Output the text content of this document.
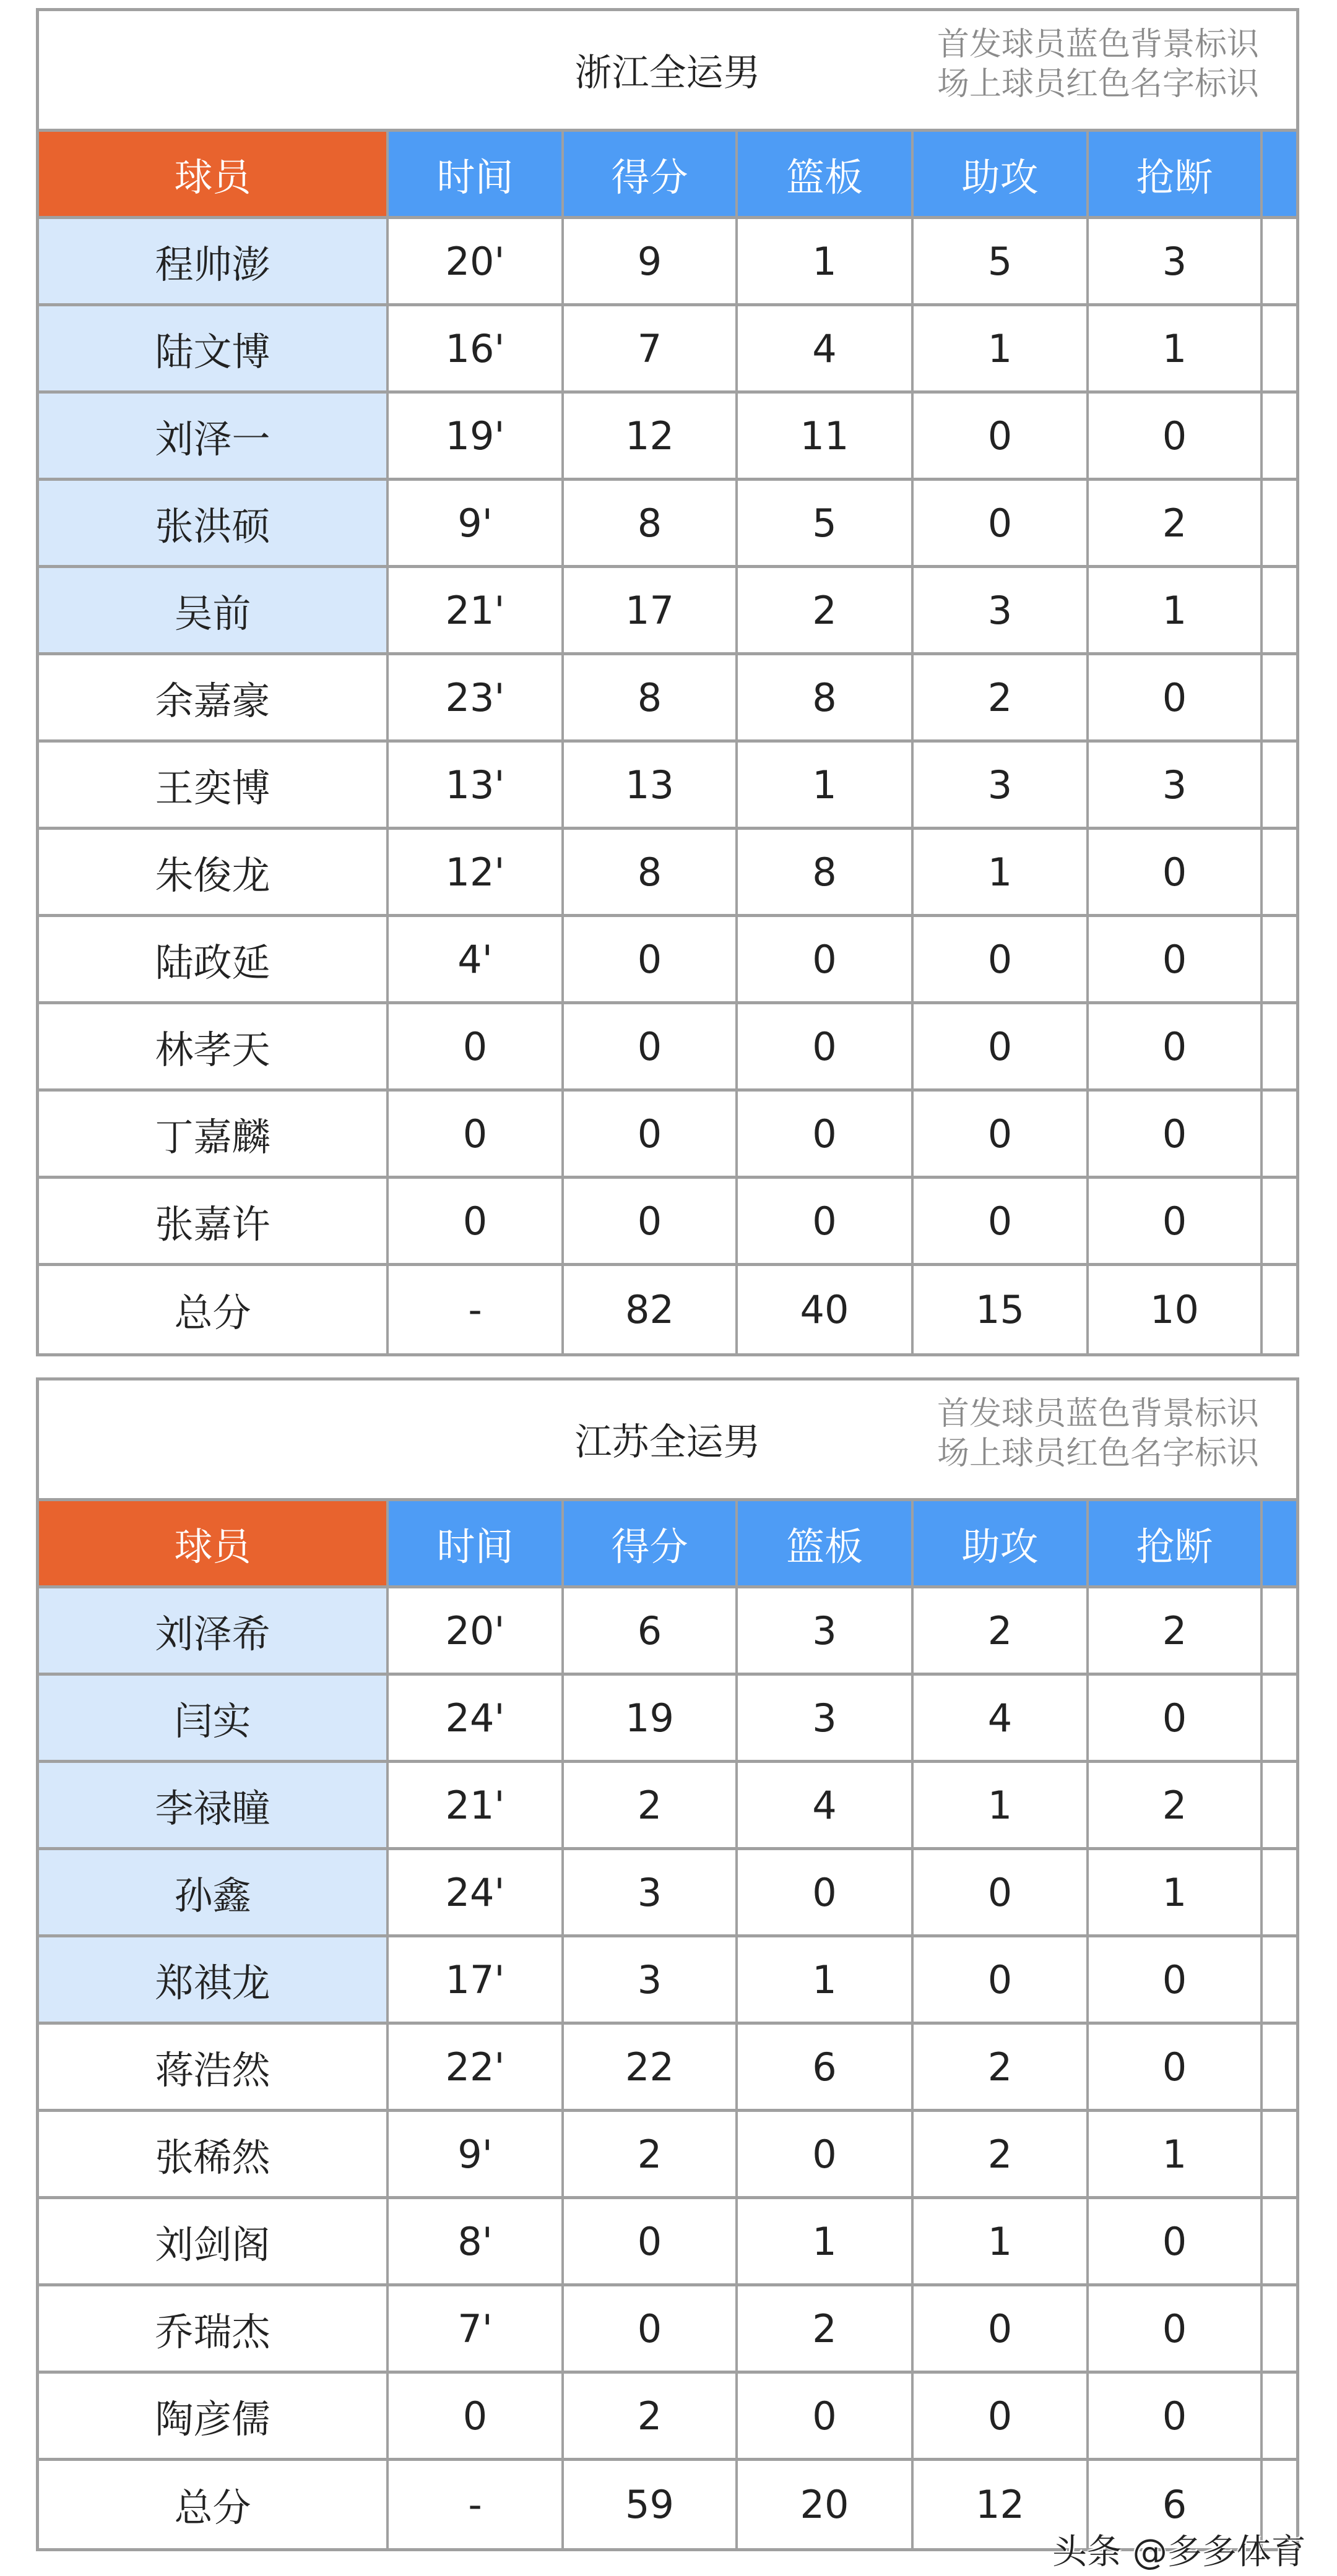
浙江全运男
首发球员蓝色背景标识
场上球员红色名字标识
球员	时间	得分	篮板	助攻	抢断
程帅澎	20'	9	1	5	3
陆文博	16'	7	4	1	1
刘泽一	19'	12	11	0	0
张洪硕	9'	8	5	0	2
吴前	21'	17	2	3	1
余嘉豪	23'	8	8	2	0
王奕博	13'	13	1	3	3
朱俊龙	12'	8	8	1	0
陆政延	4'	0	0	0	0
林孝天	0	0	0	0	0
丁嘉麟	0	0	0	0	0
张嘉许	0	0	0	0	0
总分	-	82	40	15	10
江苏全运男
首发球员蓝色背景标识
场上球员红色名字标识
球员	时间	得分	篮板	助攻	抢断
刘泽希	20'	6	3	2	2
闫实	24'	19	3	4	0
李禄瞳	21'	2	4	1	2
孙鑫	24'	3	0	0	1
郑祺龙	17'	3	1	0	0
蒋浩然	22'	22	6	2	0
张稀然	9'	2	0	2	1
刘剑阁	8'	0	1	1	0
乔瑞杰	7'	0	2	0	0
陶彦儒	0	2	0	0	0
总分	-	59	20	12	6
头条 @多多体育
